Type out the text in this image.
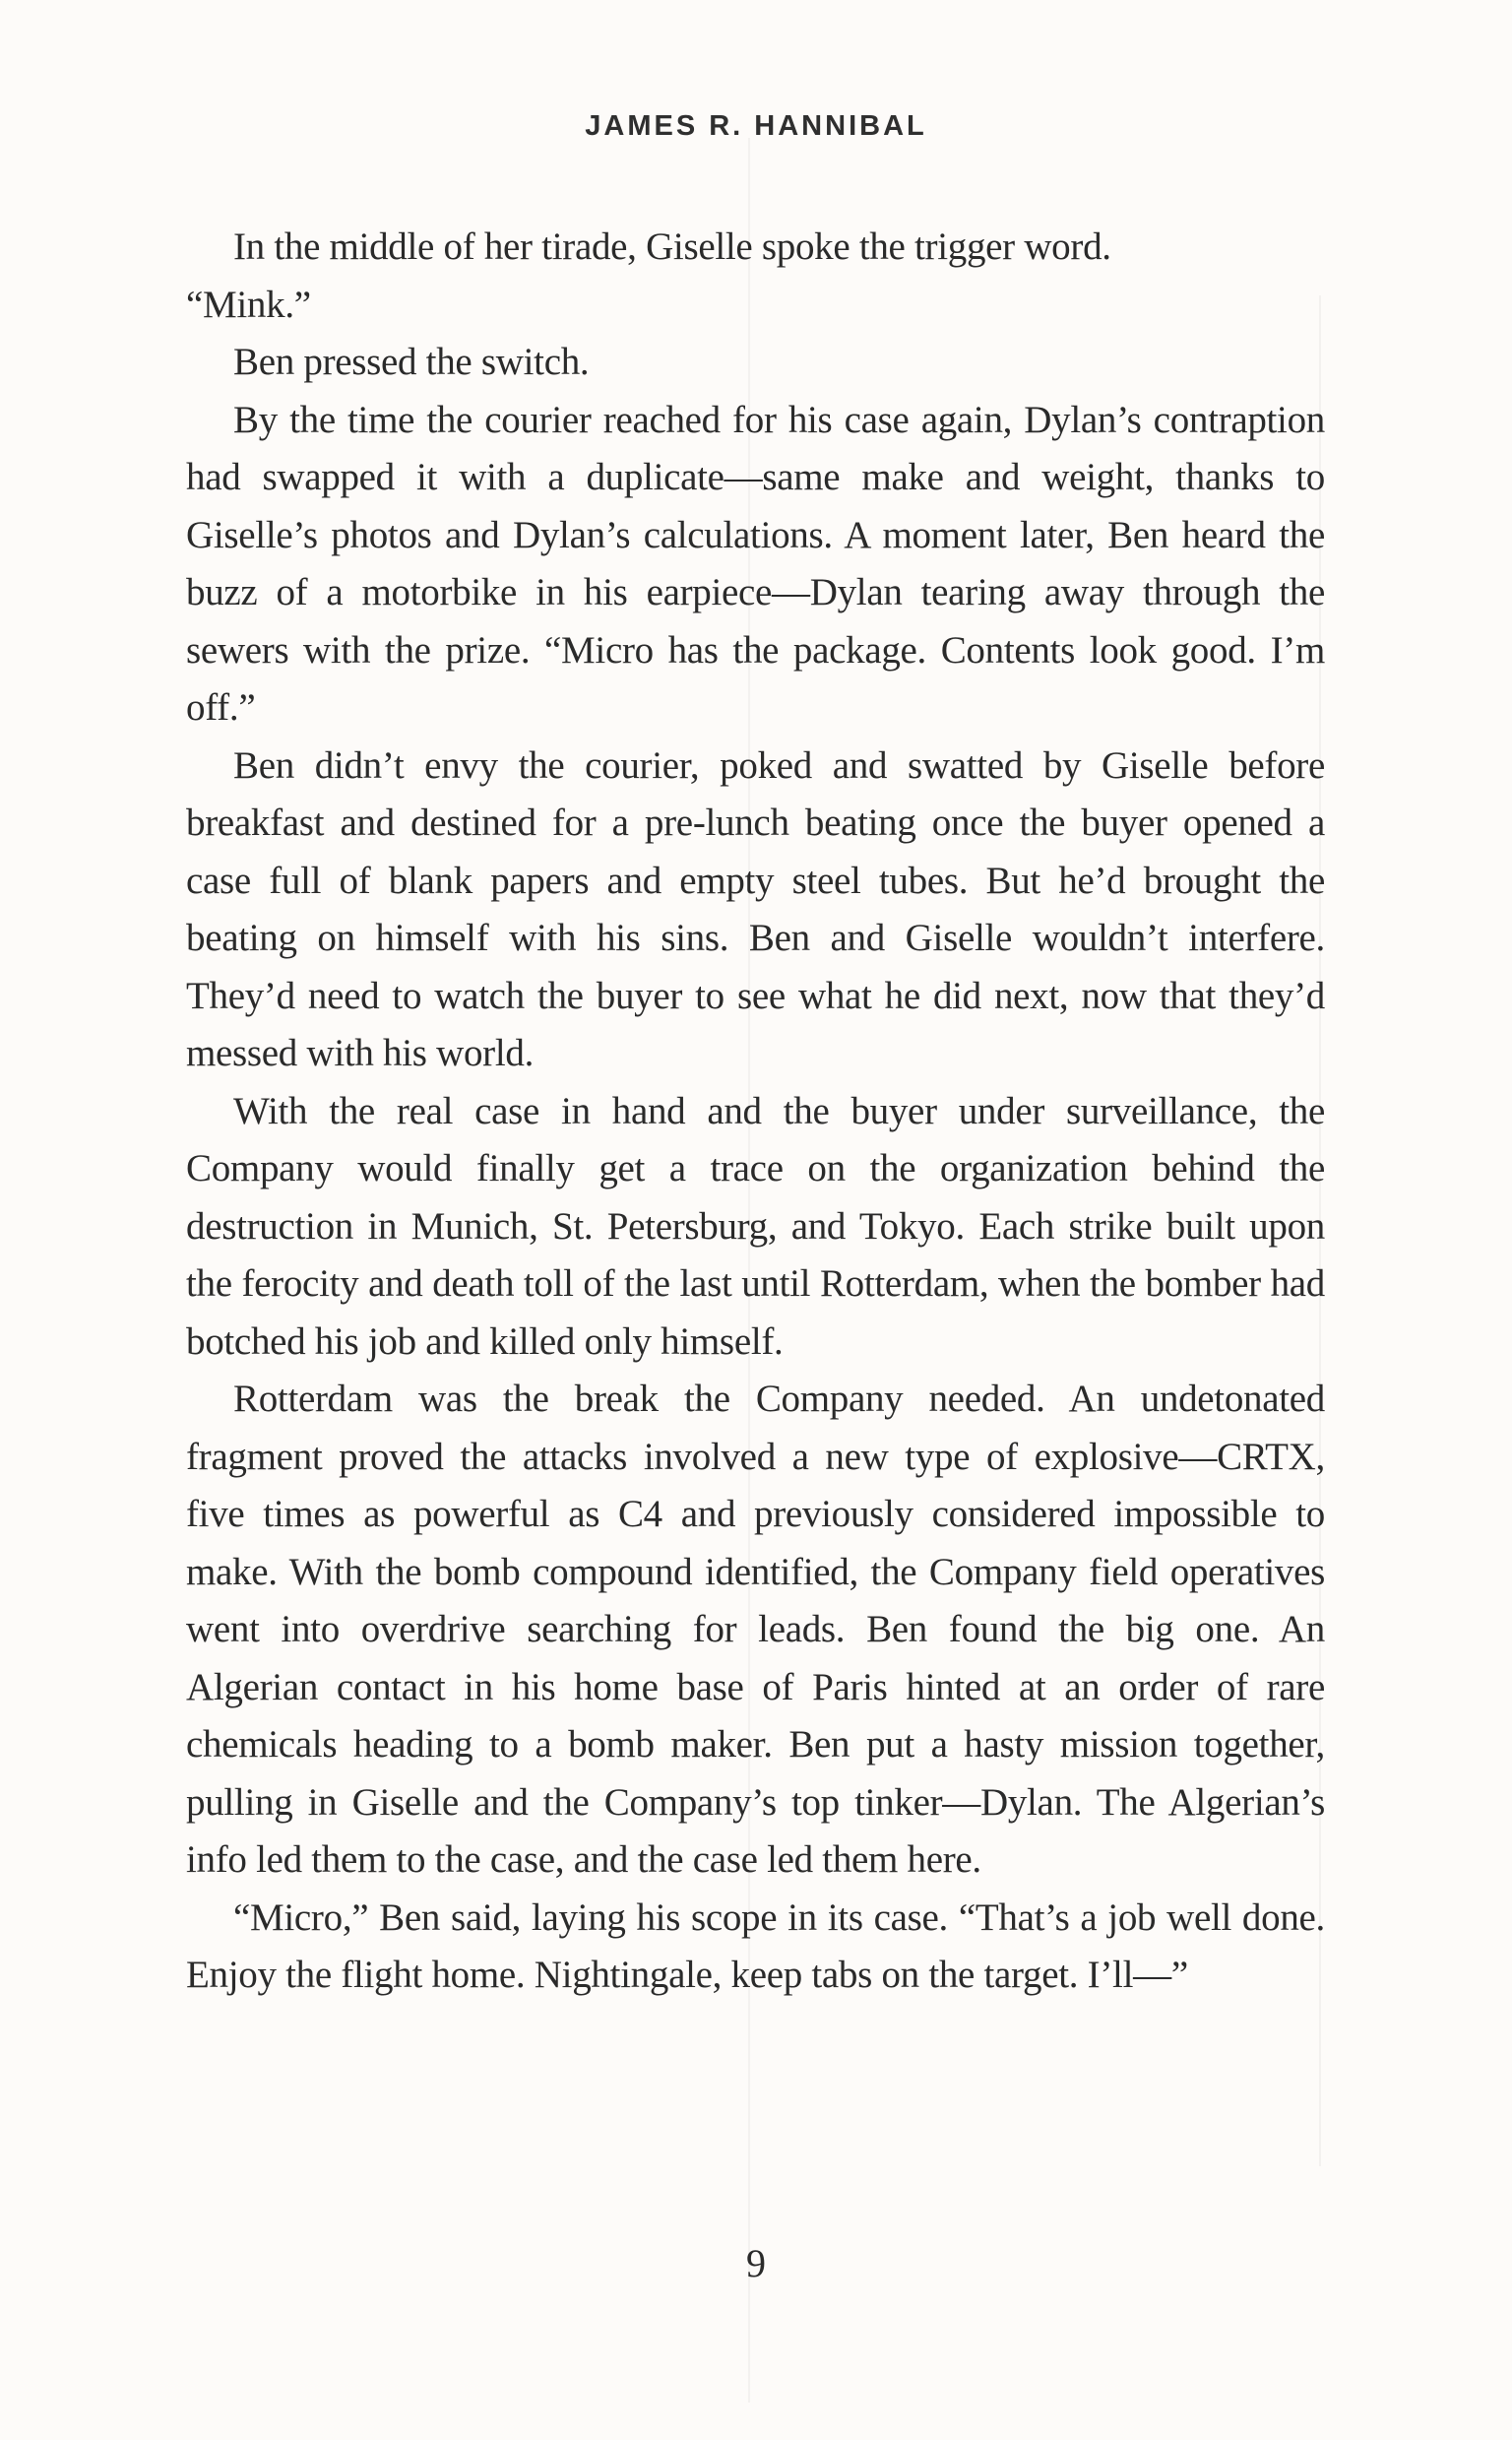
JAMES R. HANNIBAL

In the middle of her tirade, Giselle spoke the trigger word.

“Mink.”

Ben pressed the switch.

By the time the courier reached for his case again, Dylan’s contraption had swapped it with a duplicate—same make and weight, thanks to Giselle’s photos and Dylan’s calculations. A moment later, Ben heard the buzz of a motorbike in his earpiece—Dylan tearing away through the sewers with the prize. “Micro has the package. Contents look good. I’m off.”

Ben didn’t envy the courier, poked and swatted by Giselle before breakfast and destined for a pre-lunch beating once the buyer opened a case full of blank papers and empty steel tubes. But he’d brought the beating on himself with his sins. Ben and Giselle wouldn’t interfere. They’d need to watch the buyer to see what he did next, now that they’d messed with his world.

With the real case in hand and the buyer under surveillance, the Company would finally get a trace on the organization behind the destruction in Munich, St. Petersburg, and Tokyo. Each strike built upon the ferocity and death toll of the last until Rotterdam, when the bomber had botched his job and killed only himself.

Rotterdam was the break the Company needed. An undetonated fragment proved the attacks involved a new type of explosive—CRTX, five times as powerful as C4 and previously considered impossible to make. With the bomb compound identified, the Company field operatives went into overdrive searching for leads. Ben found the big one. An Algerian contact in his home base of Paris hinted at an order of rare chemicals heading to a bomb maker. Ben put a hasty mission together, pulling in Giselle and the Company’s top tinker—Dylan. The Algerian’s info led them to the case, and the case led them here.

“Micro,” Ben said, laying his scope in its case. “That’s a job well done. Enjoy the flight home. Nightingale, keep tabs on the target. I’ll—”

9
